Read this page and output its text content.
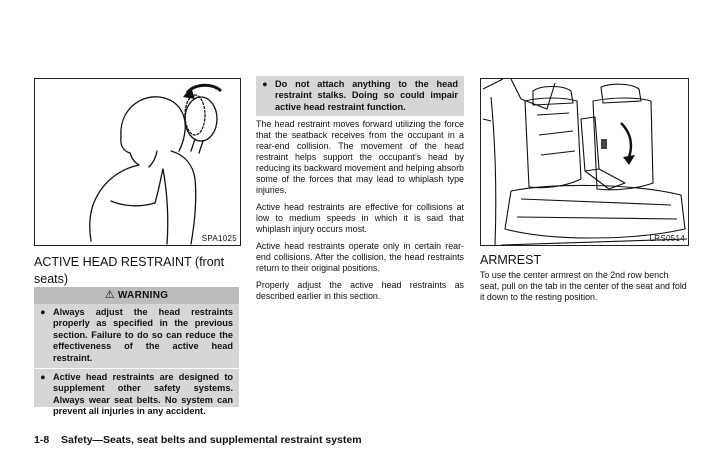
SPA1025
ACTIVE HEAD RESTRAINT (front seats)
⚠ WARNING
● Always adjust the head restraints properly as specified in the previous section. Failure to do so can reduce the effectiveness of the active head restraint.
● Active head restraints are designed to supplement other safety systems. Always wear seat belts. No system can prevent all injuries in any accident.
● Do not attach anything to the head restraint stalks. Doing so could impair active head restraint function.

The head restraint moves forward utilizing the force that the seatback receives from the occupant in a rear-end collision. The movement of the head restraint helps support the occupant’s head by reducing its backward movement and helping absorb some of the forces that may lead to whiplash type injuries.

Active head restraints are effective for collisions at low to medium speeds in which it is said that whiplash injury occurs most.

Active head restraints operate only in certain rear-end collisions. After the collision, the head restraints return to their original positions.

Properly adjust the active head restraints as described earlier in this section.

LRS0514
ARMREST

To use the center armrest on the 2nd row bench seat, pull on the tab in the center of the seat and fold it down to the resting position.

1-8 Safety—Seats, seat belts and supplemental restraint system
